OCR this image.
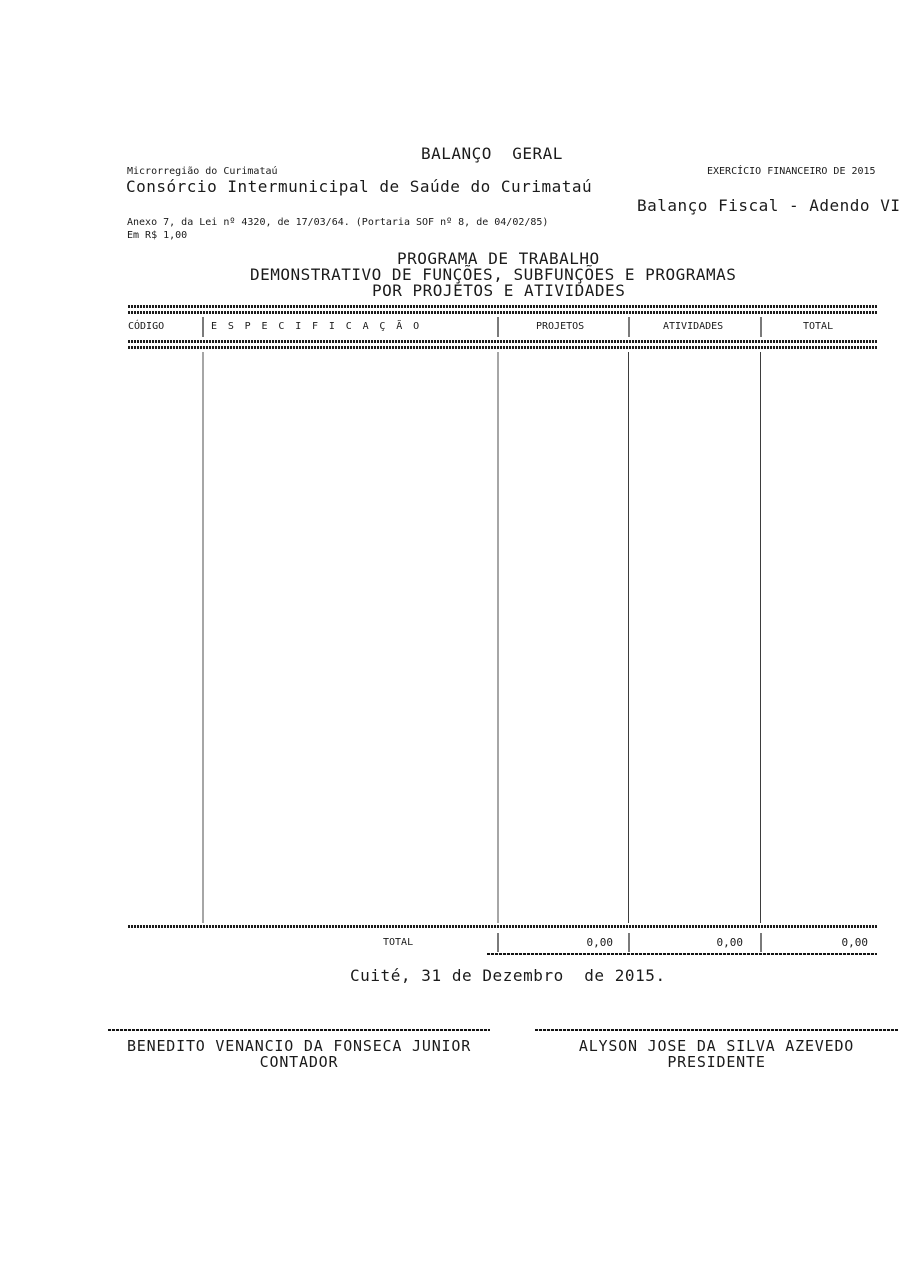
BALANÇO  GERAL
Microrregião do Curimataú
Consórcio Intermunicipal de Saúde do Curimataú
EXERCÍCIO FINANCEIRO DE 2015
Balanço Fiscal - Adendo VI
Anexo 7, da Lei nº 4320, de 17/03/64. (Portaria SOF nº 8, de 04/02/85)
Em R$ 1,00
PROGRAMA DE TRABALHO
DEMONSTRATIVO DE FUNÇÕES, SUBFUNÇÕES E PROGRAMAS
POR PROJETOS E ATIVIDADES
CÓDIGO	E S P E C I F I C A Ç Ã O	PROJETOS	ATIVIDADES	TOTAL
TOTAL	0,00	0,00	0,00
Cuité, 31 de Dezembro  de 2015.
BENEDITO VENANCIO DA FONSECA JUNIOR
CONTADOR
ALYSON JOSE DA SILVA AZEVEDO
PRESIDENTE
